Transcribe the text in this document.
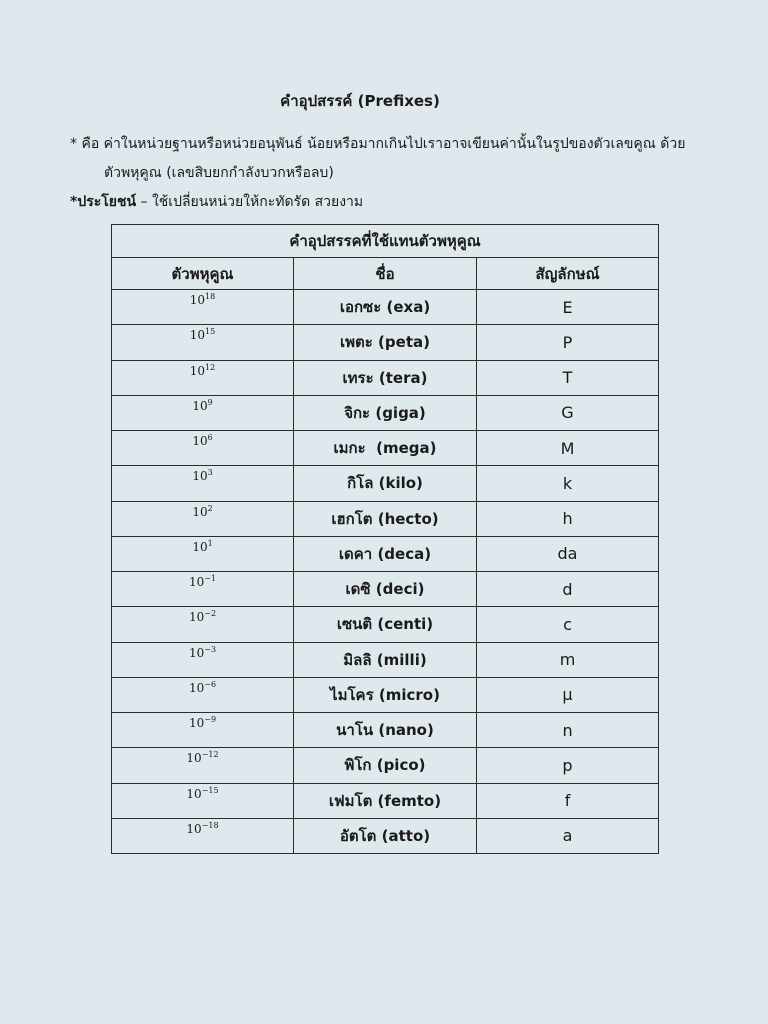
คำอุปสรรค์ (Prefixes)
* คือ ค่าในหน่วยฐานหรือหน่วยอนุพันธ์ น้อยหรือมากเกินไปเราอาจเขียนค่านั้นในรูปของตัวเลขคูณ ด้วย
ตัวพหุคูณ (เลขสิบยกกำลังบวกหรือลบ)
*ประโยชน์ – ใช้เปลี่ยนหน่วยให้กะทัดรัด สวยงาม
คำอุปสรรคที่ใช้แทนตัวพหุคูณ		
ตัวพหุคูณ	ชื่อ	สัญลักษณ์
$10^{18}$	เอกซะ (exa)	E
$10^{15}$	เพตะ (peta)	P
$10^{12}$	เทระ (tera)	T
$10^9$	จิกะ (giga)	G
$10^6$	เมกะ  (mega)	M
$10^3$	กิโล (kilo)	k
$10^2$	เฮกโต (hecto)	h
$10^1$	เดคา (deca)	da
$10^{-1}$	เดซิ (deci)	d
$10^{-2}$	เซนติ (centi)	c
$10^{-3}$	มิลลิ (milli)	m
$10^{-6}$	ไมโคร (micro)	µ
$10^{-9}$	นาโน (nano)	n
$10^{-12}$	พิโก (pico)	p
$10^{-15}$	เฟมโต (femto)	f
$10^{-18}$	อัตโต (atto)	a
